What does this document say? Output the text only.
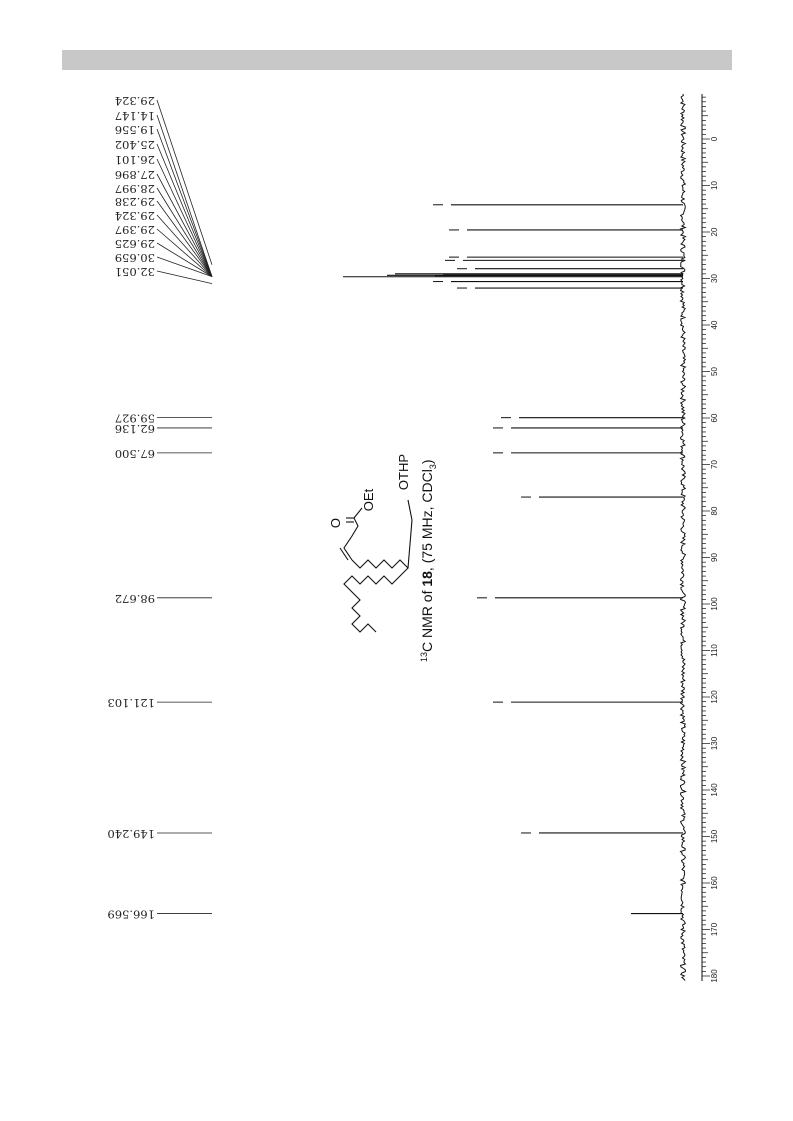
0
10
20
30
40
50
60
70
80
90
100
110
120
130
140
150
160
170
180
29.324
14.147
19.556
25.402
26.101
27.896
28.997
29.238
29.324
29.397
29.625
30.659
32.051
59.927
62.136
67.500
98.672
121.103
149.240
166.569
O
OEt
OTHP
$^{13}$C NMR of 18, (75 MHz, CDCl$_3$)
